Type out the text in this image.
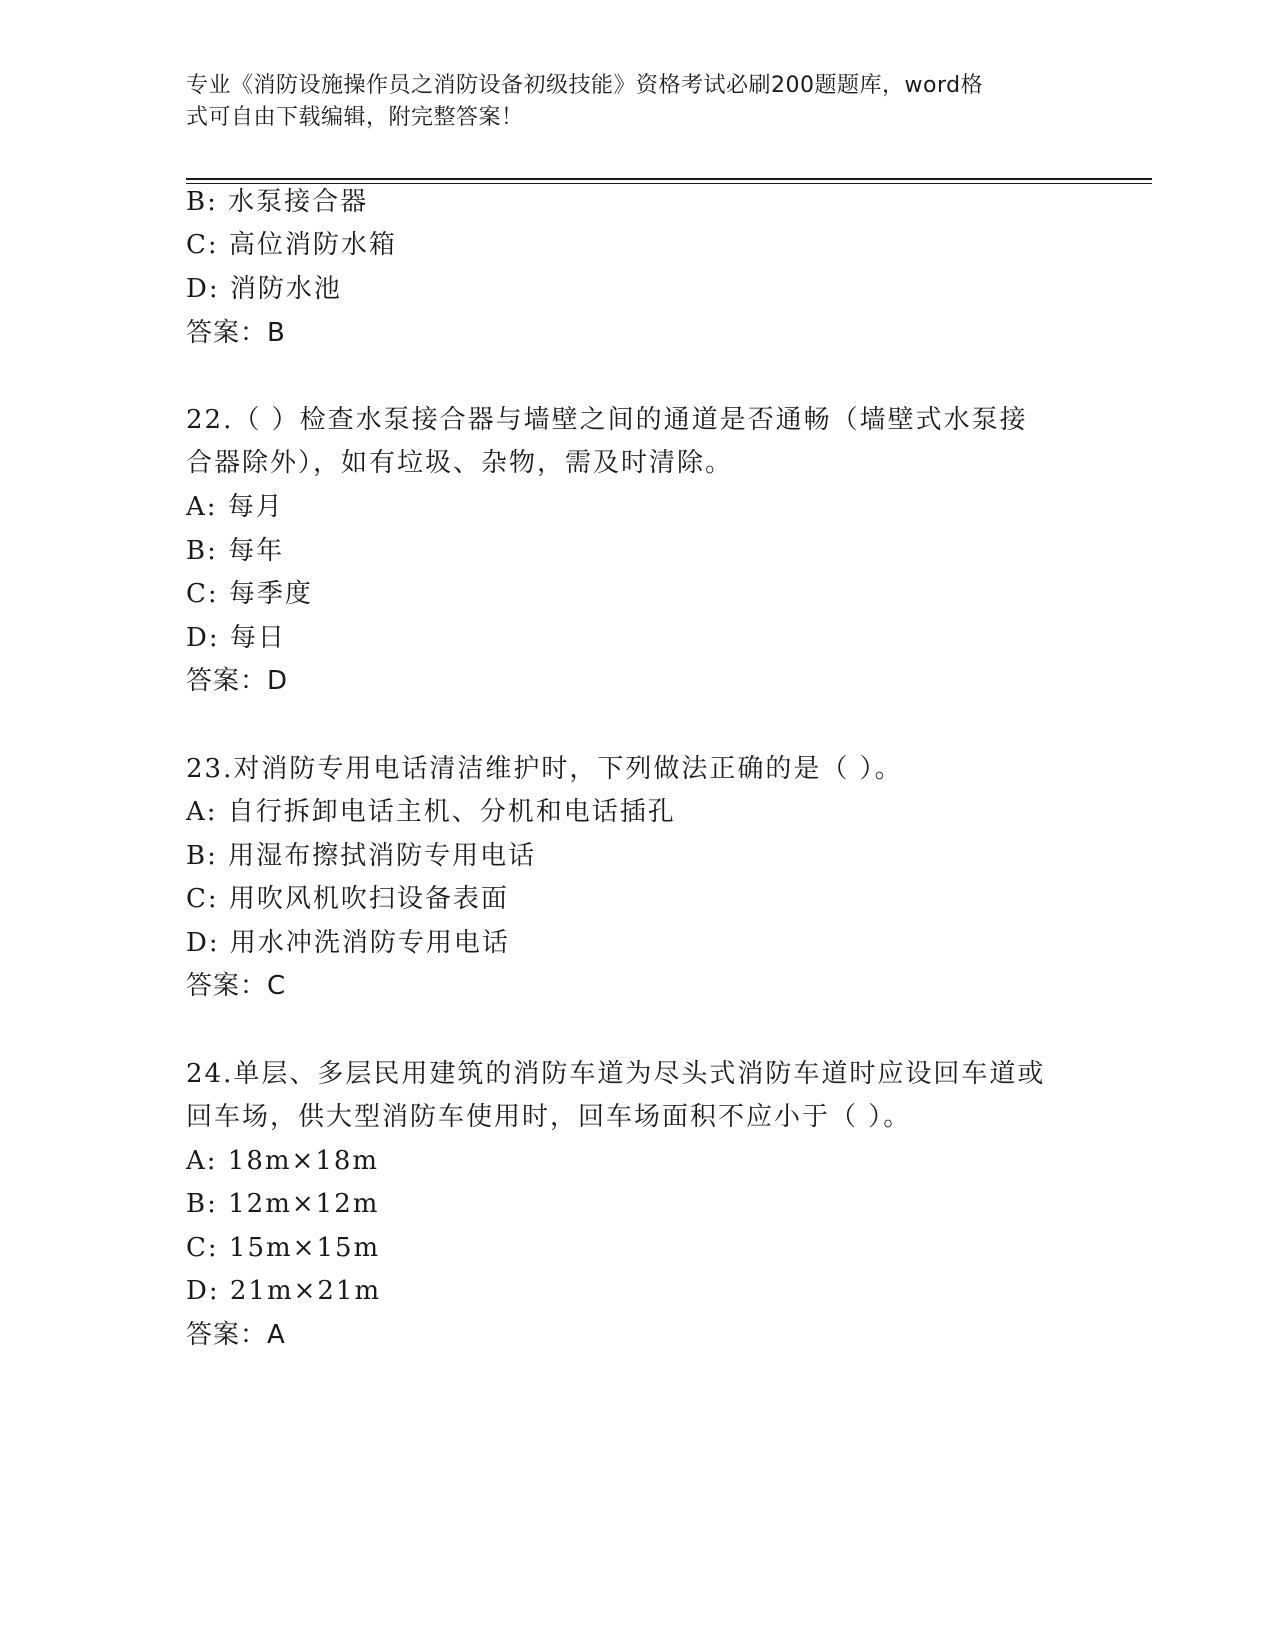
专业《消防设施操作员之消防设备初级技能》资格考试必刷200题题库，word格
式可自由下载编辑，附完整答案！
B: 水泵接合器
C: 高位消防水箱
D: 消防水池
答案：B
22.（ ）检查水泵接合器与墙壁之间的通道是否通畅（墙壁式水泵接
合器除外），如有垃圾、杂物，需及时清除。
A: 每月
B: 每年
C: 每季度
D: 每日
答案：D
23.对消防专用电话清洁维护时，下列做法正确的是（ ）。
A: 自行拆卸电话主机、分机和电话插孔
B: 用湿布擦拭消防专用电话
C: 用吹风机吹扫设备表面
D: 用水冲洗消防专用电话
答案：C
24.单层、多层民用建筑的消防车道为尽头式消防车道时应设回车道或
回车场，供大型消防车使用时，回车场面积不应小于（ ）。
A: 18m×18m
B: 12m×12m
C: 15m×15m
D: 21m×21m
答案：A
